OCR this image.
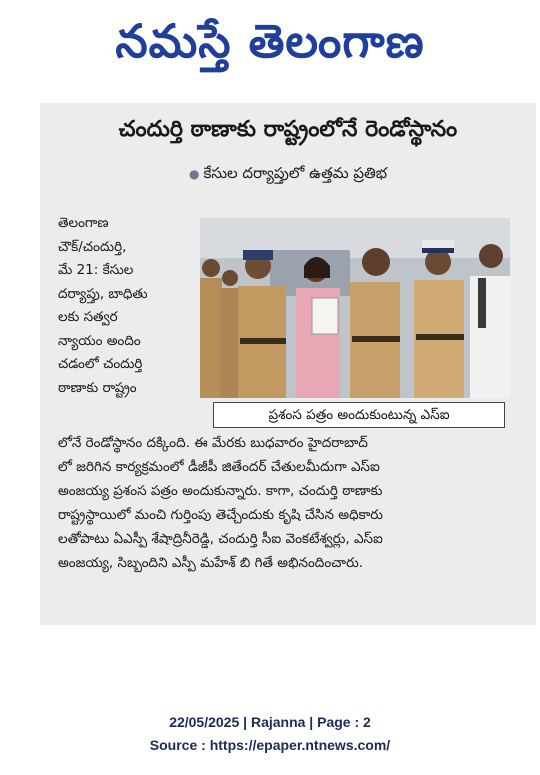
నమస్తే తెలంగాణ
చందుర్తి ఠాణాకు రాష్ట్రంలోనే రెండోస్థానం
● కేసుల దర్యాప్తులో ఉత్తమ ప్రతిభ
తెలంగాణ
చౌక్/చందుర్తి,
మే 21: కేసుల
దర్యాప్తు, బాధితు
లకు సత్వర
న్యాయం అందిం
చడంలో చందుర్తి
ఠాణాకు రాష్ట్రం
ప్రశంస పత్రం అందుకుంటున్న ఎస్ఐ
లోనే రెండోస్థానం దక్కింది. ఈ మేరకు బుధవారం హైదరాబాద్
లో జరిగిన కార్యక్రమంలో డీజీపీ జితేందర్ చేతులమీదుగా ఎస్ఐ
అంజయ్య ప్రశంస పత్రం అందుకున్నారు. కాగా, చందుర్తి ఠాణాకు
రాష్ట్రస్థాయిలో మంచి గుర్తింపు తెచ్చేందుకు కృషి చేసిన అధికారు
లతోపాటు ఏఎస్పీ శేషాద్రినీరెడ్డి, చందుర్తి సీఐ వెంకటేశ్వర్లు, ఎస్ఐ
అంజయ్య, సిబ్బందిని ఎస్పీ మహేశ్ బి గితే అభినందించారు.
22/05/2025 | Rajanna | Page : 2
Source : https://epaper.ntnews.com/
